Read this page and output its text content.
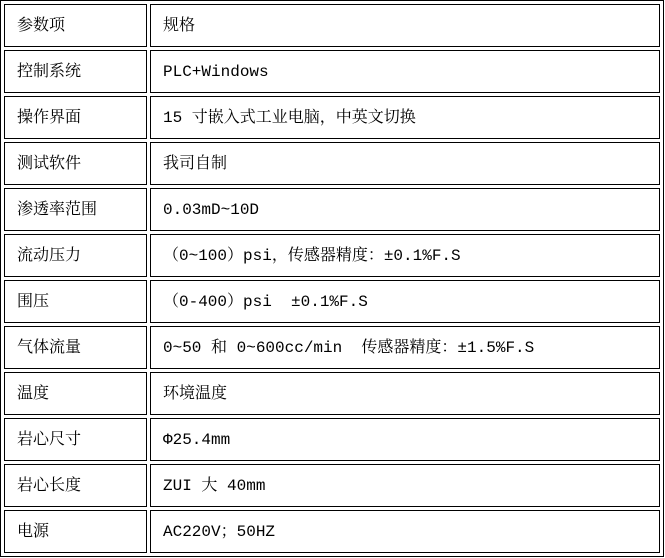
参数项	规格
控制系统	PLC+Windows
操作界面	15 寸嵌入式工业电脑，中英文切换
测试软件	我司自制
渗透率范围	0.03mD~10D
流动压力	（0~100）psi，传感器精度：±0.1%F.S
围压	（0-400）psi  ±0.1%F.S
气体流量	0~50 和 0~600cc/min  传感器精度：±1.5%F.S
温度	环境温度
岩心尺寸	Φ25.4mm
岩心长度	ZUI 大 40mm
电源	AC220V；50HZ
